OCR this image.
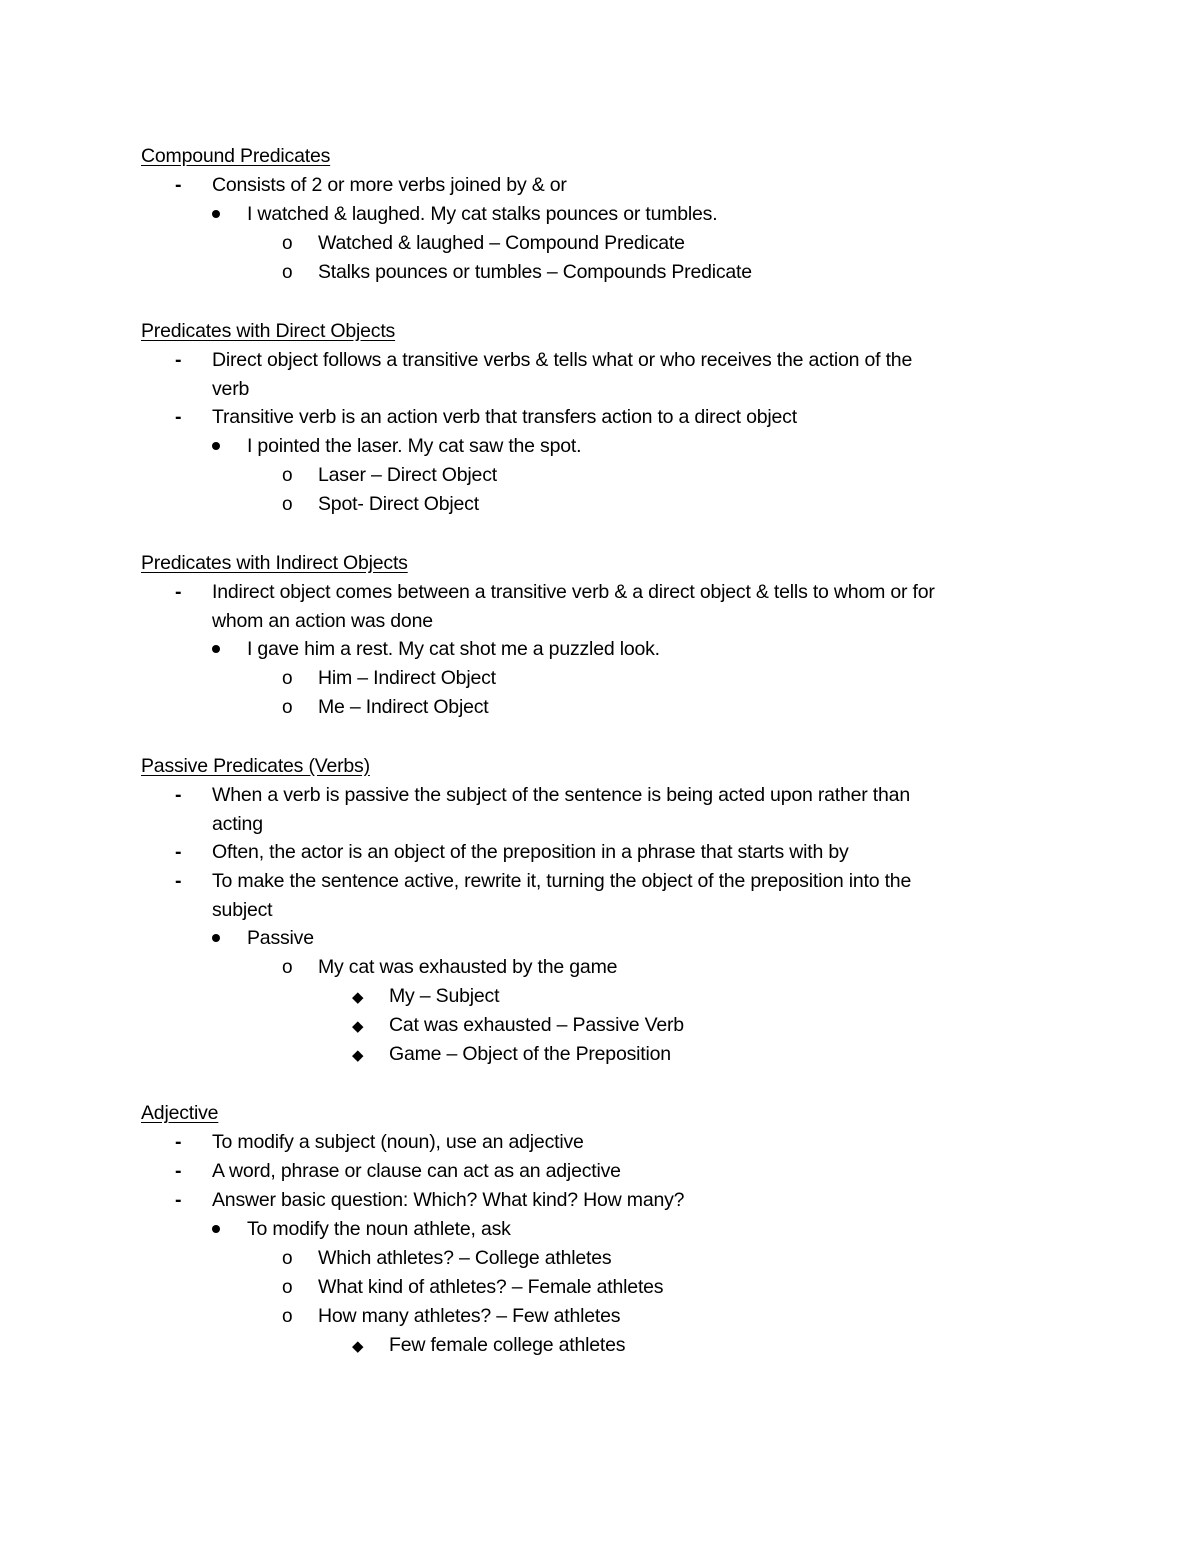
Compound Predicates
- Consists of 2 or more verbs joined by & or
I watched & laughed. My cat stalks pounces or tumbles.
o Watched & laughed – Compound Predicate
o Stalks pounces or tumbles – Compounds Predicate
Predicates with Direct Objects
- Direct object follows a transitive verbs & tells what or who receives the action of the
verb
- Transitive verb is an action verb that transfers action to a direct object
I pointed the laser. My cat saw the spot.
o Laser – Direct Object
o Spot- Direct Object
Predicates with Indirect Objects
- Indirect object comes between a transitive verb & a direct object & tells to whom or for
whom an action was done
I gave him a rest. My cat shot me a puzzled look.
o Him – Indirect Object
o Me – Indirect Object
Passive Predicates (Verbs)
- When a verb is passive the subject of the sentence is being acted upon rather than
acting
- Often, the actor is an object of the preposition in a phrase that starts with by
- To make the sentence active, rewrite it, turning the object of the preposition into the
subject
Passive
o My cat was exhausted by the game
◆ My – Subject
◆ Cat was exhausted – Passive Verb
◆ Game – Object of the Preposition
Adjective
- To modify a subject (noun), use an adjective
- A word, phrase or clause can act as an adjective
- Answer basic question: Which? What kind? How many?
To modify the noun athlete, ask
o Which athletes? – College athletes
o What kind of athletes? – Female athletes
o How many athletes? – Few athletes
◆ Few female college athletes
